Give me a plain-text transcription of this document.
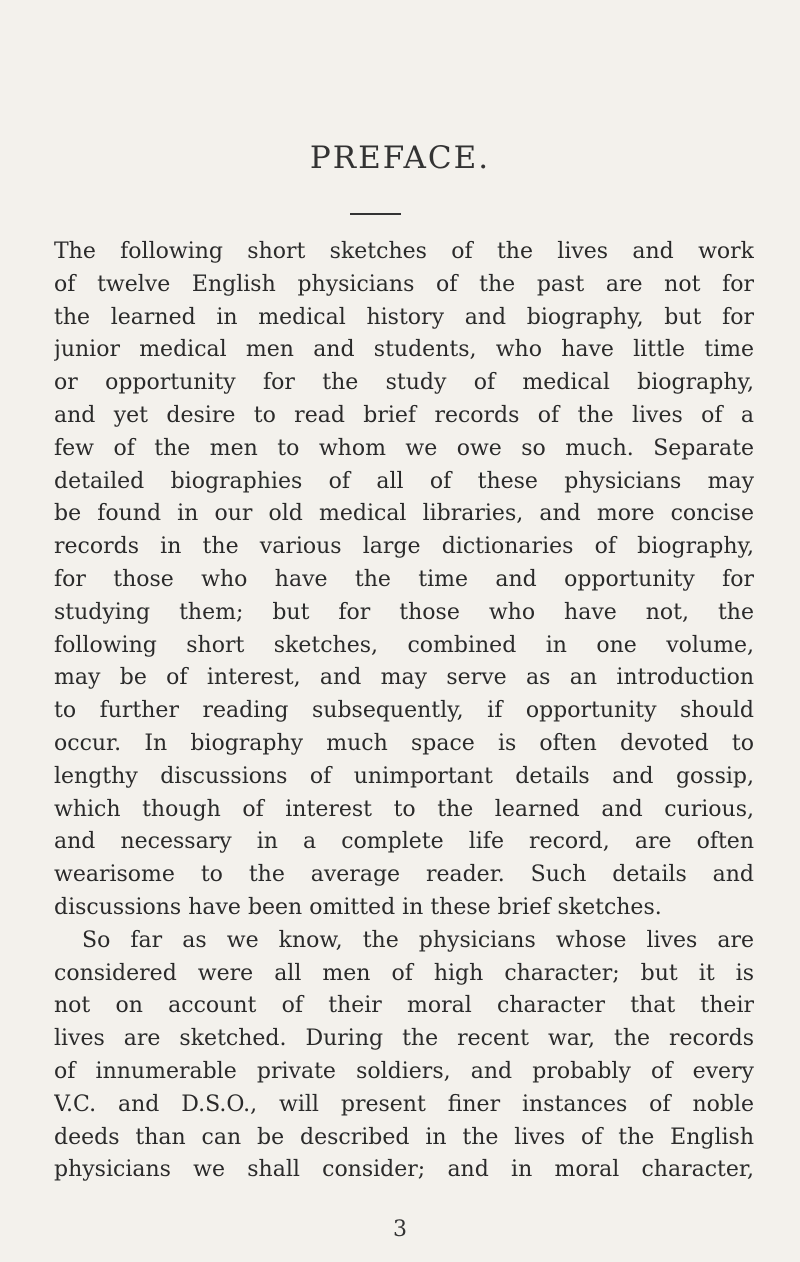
PREFACE.
The following short sketches of the lives and work
of twelve English physicians of the past are not for
the learned in medical history and biography, but for
junior medical men and students, who have little time
or opportunity for the study of medical biography,
and yet desire to read brief records of the lives of a
few of the men to whom we owe so much. Separate
detailed biographies of all of these physicians may
be found in our old medical libraries, and more concise
records in the various large dictionaries of biography,
for those who have the time and opportunity for
studying them; but for those who have not, the
following short sketches, combined in one volume,
may be of interest, and may serve as an introduction
to further reading subsequently, if opportunity should
occur. In biography much space is often devoted to
lengthy discussions of unimportant details and gossip,
which though of interest to the learned and curious,
and necessary in a complete life record, are often
wearisome to the average reader. Such details and
discussions have been omitted in these brief sketches.
So far as we know, the physicians whose lives are
considered were all men of high character; but it is
not on account of their moral character that their
lives are sketched. During the recent war, the records
of innumerable private soldiers, and probably of every
V.C. and D.S.O., will present finer instances of noble
deeds than can be described in the lives of the English
physicians we shall consider; and in moral character,
3
